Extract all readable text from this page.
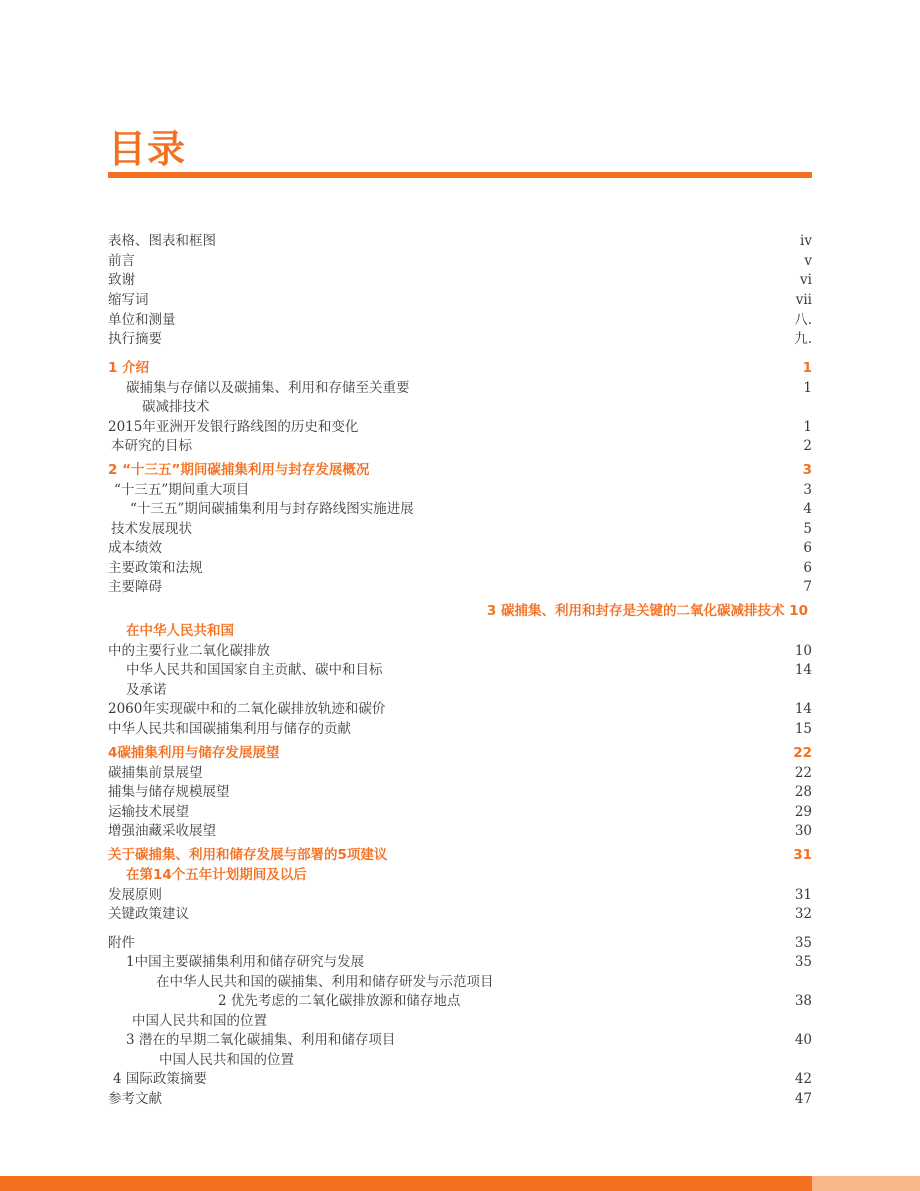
目录
表格、图表和框图	iv
前言	v
致谢	vi
缩写词	vii
单位和测量	八.
执行摘要	九.
1 介绍	1
碳捕集与存储以及碳捕集、利用和存储至关重要	1
碳减排技术
2015年亚洲开发银行路线图的历史和变化	1
本研究的目标	2
2 “十三五”期间碳捕集利用与封存发展概况	3
“十三五”期间重大项目	3
“十三五”期间碳捕集利用与封存路线图实施进展	4
技术发展现状	5
成本绩效	6
主要政策和法规	6
主要障碍	7
3 碳捕集、利用和封存是关键的二氧化碳减排技术 10
在中华人民共和国
中的主要行业二氧化碳排放	10
中华人民共和国国家自主贡献、碳中和目标	14
及承诺
2060年实现碳中和的二氧化碳排放轨迹和碳价	14
中华人民共和国碳捕集利用与储存的贡献	15
4碳捕集利用与储存发展展望	22
碳捕集前景展望	22
捕集与储存规模展望	28
运输技术展望	29
增强油藏采收展望	30
关于碳捕集、利用和储存发展与部署的5项建议	31
在第14个五年计划期间及以后
发展原则	31
关键政策建议	32
附件	35
1中国主要碳捕集利用和储存研究与发展	35
在中华人民共和国的碳捕集、利用和储存研发与示范项目
2 优先考虑的二氧化碳排放源和储存地点	38
中国人民共和国的位置
3 潜在的早期二氧化碳捕集、利用和储存项目	40
中国人民共和国的位置
4 国际政策摘要	42
参考文献	47
